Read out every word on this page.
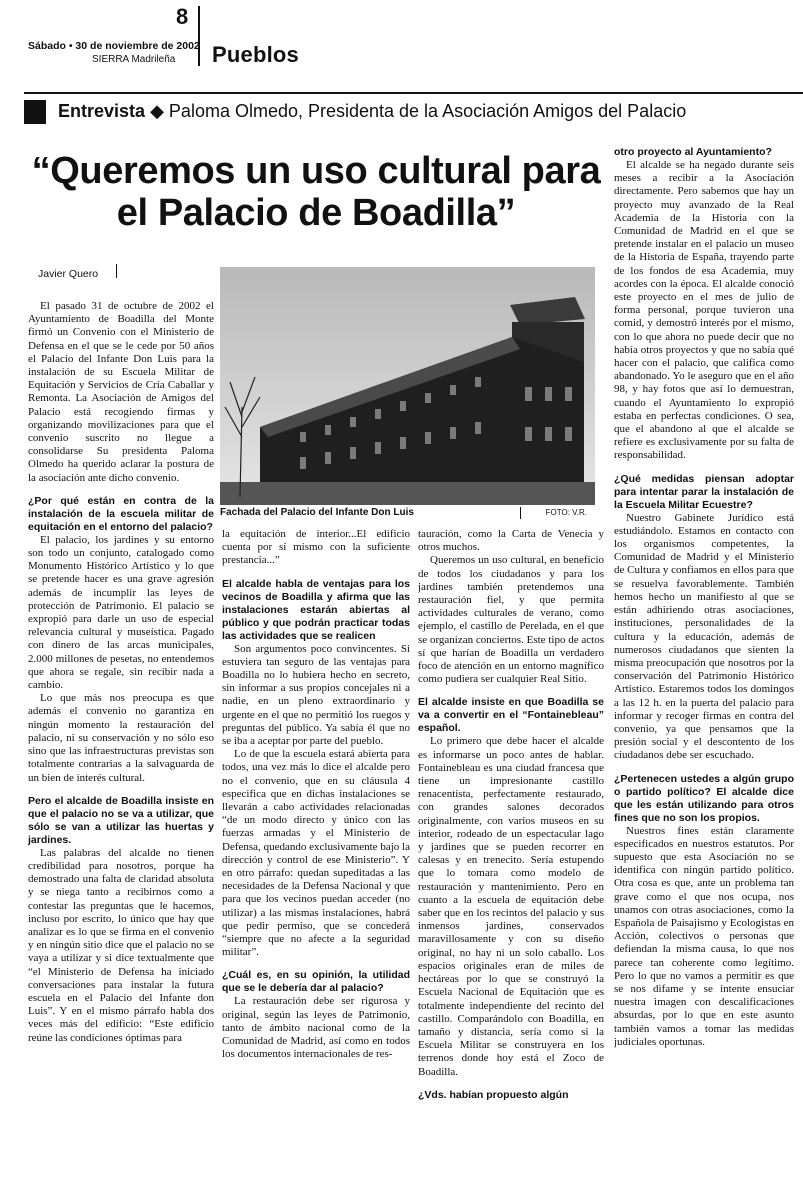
8
Sábado • 30 de noviembre de 2002
SIERRA Madrileña Pueblos
Entrevista ◆ Paloma Olmedo, Presidenta de la Asociación Amigos del Palacio
“Queremos un uso cultural para el Palacio de Boadilla”
Javier Quero
Fachada del Palacio del Infante Don Luis	FOTO: V.R.

El pasado 31 de octubre de 2002 el Ayuntamiento de Boadilla del Monte firmó un Convenio con el Ministerio de Defensa en el que se le cede por 50 años el Palacio del Infante Don Luis para la instalación de su Escuela Militar de Equitación y Servicios de Cría Caballar y Remonta. La Asociación de Amigos del Palacio está recogiendo firmas y organizando movilizaciones para que el convenio suscrito no llegue a consolidarse Su presidenta Paloma Olmedo ha querido aclarar la postura de la asociación ante dicho convenio.

¿Por qué están en contra de la instalación de la escuela militar de equitación en el entorno del palacio?

El palacio, los jardines y su entorno son todo un conjunto, catalogado como Monumento Histórico Artístico y lo que se pretende hacer es una grave agresión además de incumplir las leyes de protección de Patrimonio. El palacio se expropió para darle un uso de especial relevancia cultural y museística. Pagado con dinero de las arcas municipales, 2.000 millones de pesetas, no entendemos que ahora se regale, sin recibir nada a cambio.

Lo que más nos preocupa es que además el convenio no garantiza en ningún momento la restauración del palacio, ni su conservación y no sólo eso sino que las infraestructuras previstas son totalmente contrarias a la salvaguarda de un bien de interés cultural.

Pero el alcalde de Boadilla insiste en que el palacio no se va a utilizar, que sólo se van a utilizar las huertas y jardines.

Las palabras del alcalde no tienen credibilidad para nosotros, porque ha demostrado una falta de claridad absoluta y se niega tanto a recibirnos como a contestar las preguntas que le hacemos, incluso por escrito, lo único que hay que analizar es lo que se firma en el convenio y en ningún sitio dice que el palacio no se vaya a utilizar y si dice textualmente que “el Ministerio de Defensa ha iniciado conversaciones para instalar la futura escuela en el Palacio del Infante don Luis”. Y en el mismo párrafo habla dos veces más del edificio: “Este edificio reúne las condiciones óptimas para

la equitación de interior...El edificio cuenta por sí mismo con la suficiente prestancia...”

El alcalde habla de ventajas para los vecinos de Boadilla y afirma que las instalaciones estarán abiertas al público y que podrán practicar todas las actividades que se realicen

Son argumentos poco convincentes. Si estuviera tan seguro de las ventajas para Boadilla no lo hubiera hecho en secreto, sin informar a sus propios concejales ni a nadie, en un pleno extraordinario y urgente en el que no permitió los ruegos y preguntas del público. Ya sabía él que no se iba a aceptar por parte del pueblo.

Lo de que la escuela estará abierta para todos, una vez más lo dice el alcalde pero no el convenio, que en su cláusula 4 especifica que en dichas instalaciones se llevarán a cabo actividades relacionadas “de un modo directo y único con las fuerzas armadas y el Ministerio de Defensa, quedando exclusivamente bajo la dirección y control de ese Ministerio”. Y en otro párrafo: quedan supeditadas a las necesidades de la Defensa Nacional y que para que los vecinos puedan acceder (no utilizar) a las mismas instalaciones, habrá que pedir permiso, que se concederá “siempre que no afecte a la seguridad militar”.

¿Cuál es, en su opinión, la utilidad que se le debería dar al palacio?

La restauración debe ser rigurosa y original, según las leyes de Patrimonio, tanto de ámbito nacional como de la Comunidad de Madrid, así como en todos los documentos internacionales de res-

tauración, como la Carta de Venecia y otros muchos.

Queremos un uso cultural, en beneficio de todos los ciudadanos y para los jardines también pretendemos una restauración fiel, y que permita actividades culturales de verano, como ejemplo, el castillo de Perelada, en el que se organizan conciertos. Este tipo de actos sí que harían de Boadilla un verdadero foco de atención en un entorno magnífico como pudiera ser cualquier Real Sitio.

El alcalde insiste en que Boadilla se va a convertir en el “Fontainebleau” español.

Lo primero que debe hacer el alcalde es informarse un poco antes de hablar. Fontainebleau es una ciudad francesa que tiene un impresionante castillo renacentista, perfectamente restaurado, con grandes salones decorados originalmente, con varios museos en su interior, rodeado de un espectacular lago y jardines que se pueden recorrer en calesas y en trenecito. Sería estupendo que lo tomara como modelo de restauración y mantenimiento. Pero en cuanto a la escuela de equitación debe saber que en los recintos del palacio y sus inmensos jardines, conservados maravillosamente y con su diseño original, no hay ni un solo caballo. Los espacios originales eran de miles de hectáreas por lo que se construyó la Escuela Nacional de Equitación que es totalmente independiente del recinto del castillo. Comparándolo con Boadilla, en tamaño y distancia, sería como si la Escuela Militar se construyera en los terrenos donde hoy está el Zoco de Boadilla.

¿Vds. habían propuesto algún

otro proyecto al Ayuntamiento?

El alcalde se ha negado durante seis meses a recibir a la Asociación directamente. Pero sabemos que hay un proyecto muy avanzado de la Real Academia de la Historia con la Comunidad de Madrid en el que se pretende instalar en el palacio un museo de la Historia de España, trayendo parte de los fondos de esa Academia, muy acordes con la época. El alcalde conoció este proyecto en el mes de julio de forma personal, porque tuvieron una comid, y demostró interés por el mismo, con lo que ahora no puede decir que no había otros proyectos y que no sabía qué hacer con el palacio, que califica como abandonado. Yo le aseguro que en el año 98, y hay fotos que así lo demuestran, cuando el Ayuntamiento lo expropió estaba en perfectas condiciones. O sea, que el abandono al que el alcalde se refiere es exclusivamente por su falta de responsabilidad.

¿Qué medidas piensan adoptar para intentar parar la instalación de la Escuela Militar Ecuestre?

Nuestro Gabinete Jurídico está estudiándolo. Estamos en contacto con los organismos competentes, la Comunidad de Madrid y el Ministerio de Cultura y confiamos en ellos para que se resuelva favorablemente. También hemos hecho un manifiesto al que se están adhiriendo otras asociaciones, instituciones, personalidades de la cultura y la educación, además de numerosos ciudadanos que sienten la misma preocupación que nosotros por la conservación del Patrimonio Histórico Artístico. Estaremos todos los domingos a las 12 h. en la puerta del palacio para informar y recoger firmas en contra del convenio, ya que pensamos que la presión social y el descontento de los ciudadanos debe ser escuchado.

¿Pertenecen ustedes a algún grupo o partido político? El alcalde dice que les están utilizando para otros fines que no son los propios.

Nuestros fines están claramente especificados en nuestros estatutos. Por supuesto que esta Asociación no se identifica con ningún partido político. Otra cosa es que, ante un problema tan grave como el que nos ocupa, nos unamos con otras asociaciones, como la Española de Paisajismo y Ecologistas en Acción, colectivos o personas que defiendan la misma causa, lo que nos parece tan coherente como legítimo. Pero lo que no vamos a permitir es que se nos difame y se intente ensuciar nuestra imagen con descalificaciones absurdas, por lo que en este asunto también vamos a tomar las medidas judiciales oportunas.
